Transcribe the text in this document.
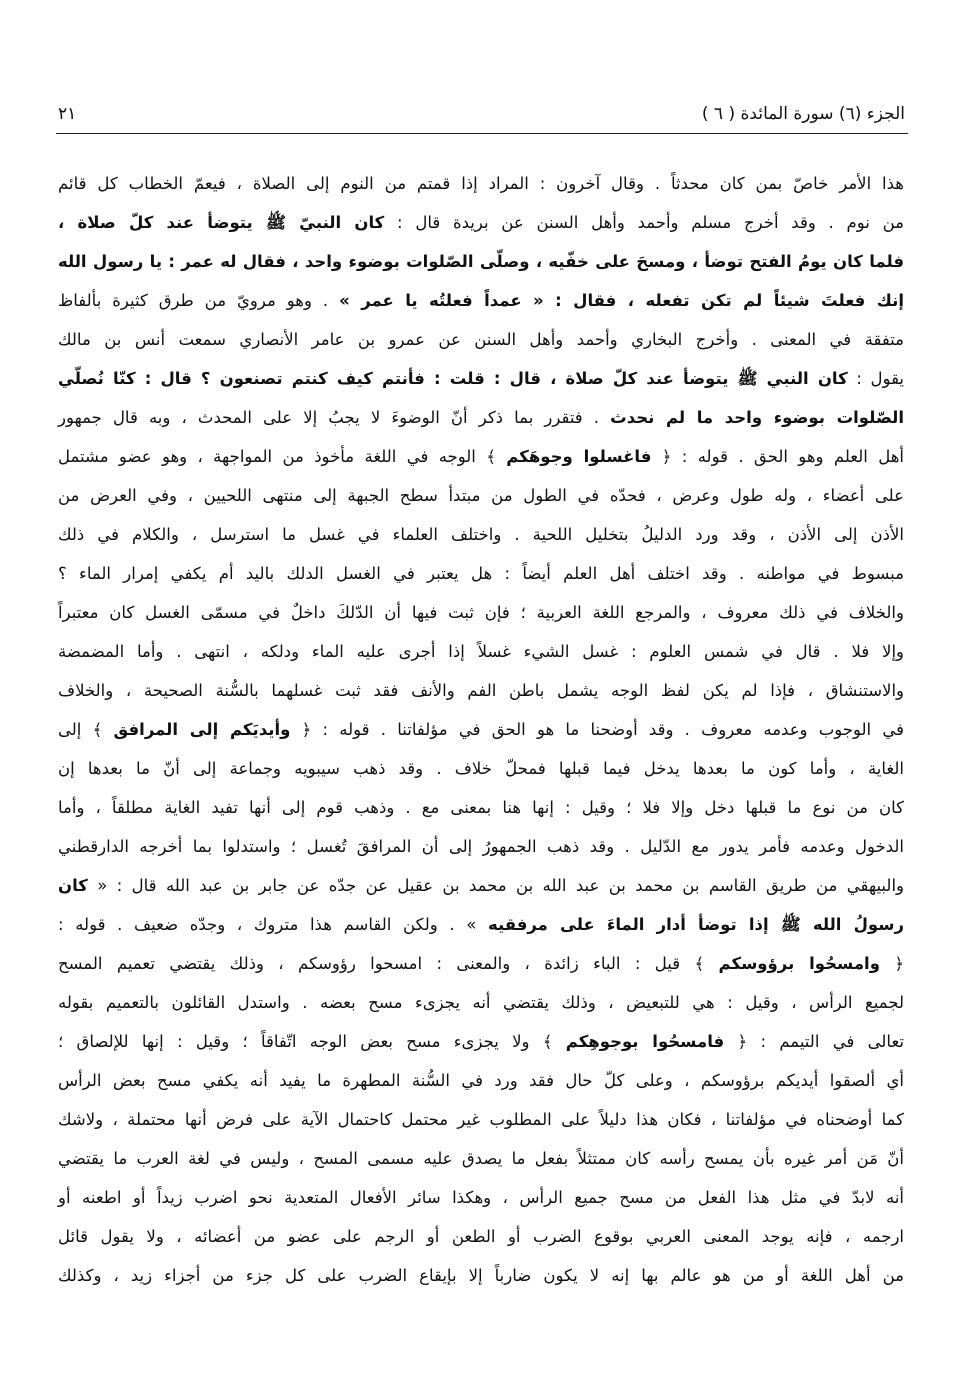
الجزء (٦) سورة المائدة ( ٦ )
٢١
هذا الأمر خاصّ بمن كان محدثاً . وقال آخرون : المراد إذا قمتم من النوم إلى الصلاة ، فيعمّ الخطاب كل قائم
من نوم . وقد أخرج مسلم وأحمد وأهل السنن عن بريدة قال : كان النبيّ ﷺ يتوضأ عند كلّ صلاة ،
فلما كان يومُ الفتح توضأ ، ومسحَ على خفّيه ، وصلّى الصّلوات بوضوء واحد ، فقال له عمر : يا رسول الله
إنك فعلتَ شيئاً لم تكن تفعله ، فقال : « عمداً فعلتُه يا عمر » . وهو مرويّ من طرق كثيرة بألفاظ
متفقة في المعنى . وأخرج البخاري وأحمد وأهل السنن عن عمرو بن عامر الأنصاري سمعت أنس بن مالك
يقول : كان النبي ﷺ يتوضأ عند كلّ صلاة ، قال : قلت : فأنتم كيف كنتم تصنعون ؟ قال : كنّا نُصلّي
الصّلوات بوضوء واحد ما لم نحدث . فتقرر بما ذكر أنّ الوضوءَ لا يجبُ إلا على المحدث ، وبه قال جمهور
أهل العلم وهو الحق . قوله : ﴿ فاغسلوا وجوهَكم ﴾ الوجه في اللغة مأخوذ من المواجهة ، وهو عضو مشتمل
على أعضاء ، وله طول وعرض ، فحدّه في الطول من مبتدأ سطح الجبهة إلى منتهى اللحيين ، وفي العرض من
الأذن إلى الأذن ، وقد ورد الدليلُ بتخليل اللحية . واختلف العلماء في غسل ما استرسل ، والكلام في ذلك
مبسوط في مواطنه . وقد اختلف أهل العلم أيضاً : هل يعتبر في الغسل الدلك باليد أم يكفي إمرار الماء ؟
والخلاف في ذلك معروف ، والمرجع اللغة العربية ؛ فإن ثبت فيها أن الدّلكَ داخلٌ في مسمّى الغسل كان معتبراً
وإلا فلا . قال في شمس العلوم : غسل الشيء غسلاً إذا أجرى عليه الماء ودلكه ، انتهى . وأما المضمضة
والاستنشاق ، فإذا لم يكن لفظ الوجه يشمل باطن الفم والأنف فقد ثبت غسلهما بالسُّنة الصحيحة ، والخلاف
في الوجوب وعدمه معروف . وقد أوضحنا ما هو الحق في مؤلفاتنا . قوله : ﴿ وأيديَكم إلى المرافق ﴾ إلى
الغاية ، وأما كون ما بعدها يدخل فيما قبلها فمحلّ خلاف . وقد ذهب سيبويه وجماعة إلى أنّ ما بعدها إن
كان من نوع ما قبلها دخل وإلا فلا ؛ وقيل : إنها هنا بمعنى مع . وذهب قوم إلى أنها تفيد الغاية مطلقاً ، وأما
الدخول وعدمه فأمر يدور مع الدّليل . وقد ذهب الجمهورُ إلى أن المرافقَ تُغسل ؛ واستدلوا بما أخرجه الدارقطني
والبيهقي من طريق القاسم بن محمد بن عبد الله بن محمد بن عقيل عن جدّه عن جابر بن عبد الله قال : « كان
رسولُ الله ﷺ إذا توضأ أدار الماءَ على مرفقيه » . ولكن القاسم هذا متروك ، وجدّه ضعيف . قوله :
﴿ وامسحُوا برؤوسكم ﴾ قيل : الباء زائدة ، والمعنى : امسحوا رؤوسكم ، وذلك يقتضي تعميم المسح
لجميع الرأس ، وقيل : هي للتبعيض ، وذلك يقتضي أنه يجزىء مسح بعضه . واستدل القائلون بالتعميم بقوله
تعالى في التيمم : ﴿ فامسحُوا بوجوهِكم ﴾ ولا يجزىء مسح بعض الوجه اتّفاقاً ؛ وقيل : إنها للإلصاق ؛
أي ألصقوا أيديكم برؤوسكم ، وعلى كلّ حال فقد ورد في السُّنة المطهرة ما يفيد أنه يكفي مسح بعض الرأس
كما أوضحناه في مؤلفاتنا ، فكان هذا دليلاً على المطلوب غير محتمل كاحتمال الآية على فرض أنها محتملة ، ولاشك
أنّ مَن أمر غيره بأن يمسح رأسه كان ممتثلاً بفعل ما يصدق عليه مسمى المسح ، وليس في لغة العرب ما يقتضي
أنه لابدّ في مثل هذا الفعل من مسح جميع الرأس ، وهكذا سائر الأفعال المتعدية نحو اضرب زيداً أو اطعنه أو
ارجمه ، فإنه يوجد المعنى العربي بوقوع الضرب أو الطعن أو الرجم على عضو من أعضائه ، ولا يقول قائل
من أهل اللغة أو من هو عالم بها إنه لا يكون ضارباً إلا بإيقاع الضرب على كل جزء من أجزاء زيد ، وكذلك
